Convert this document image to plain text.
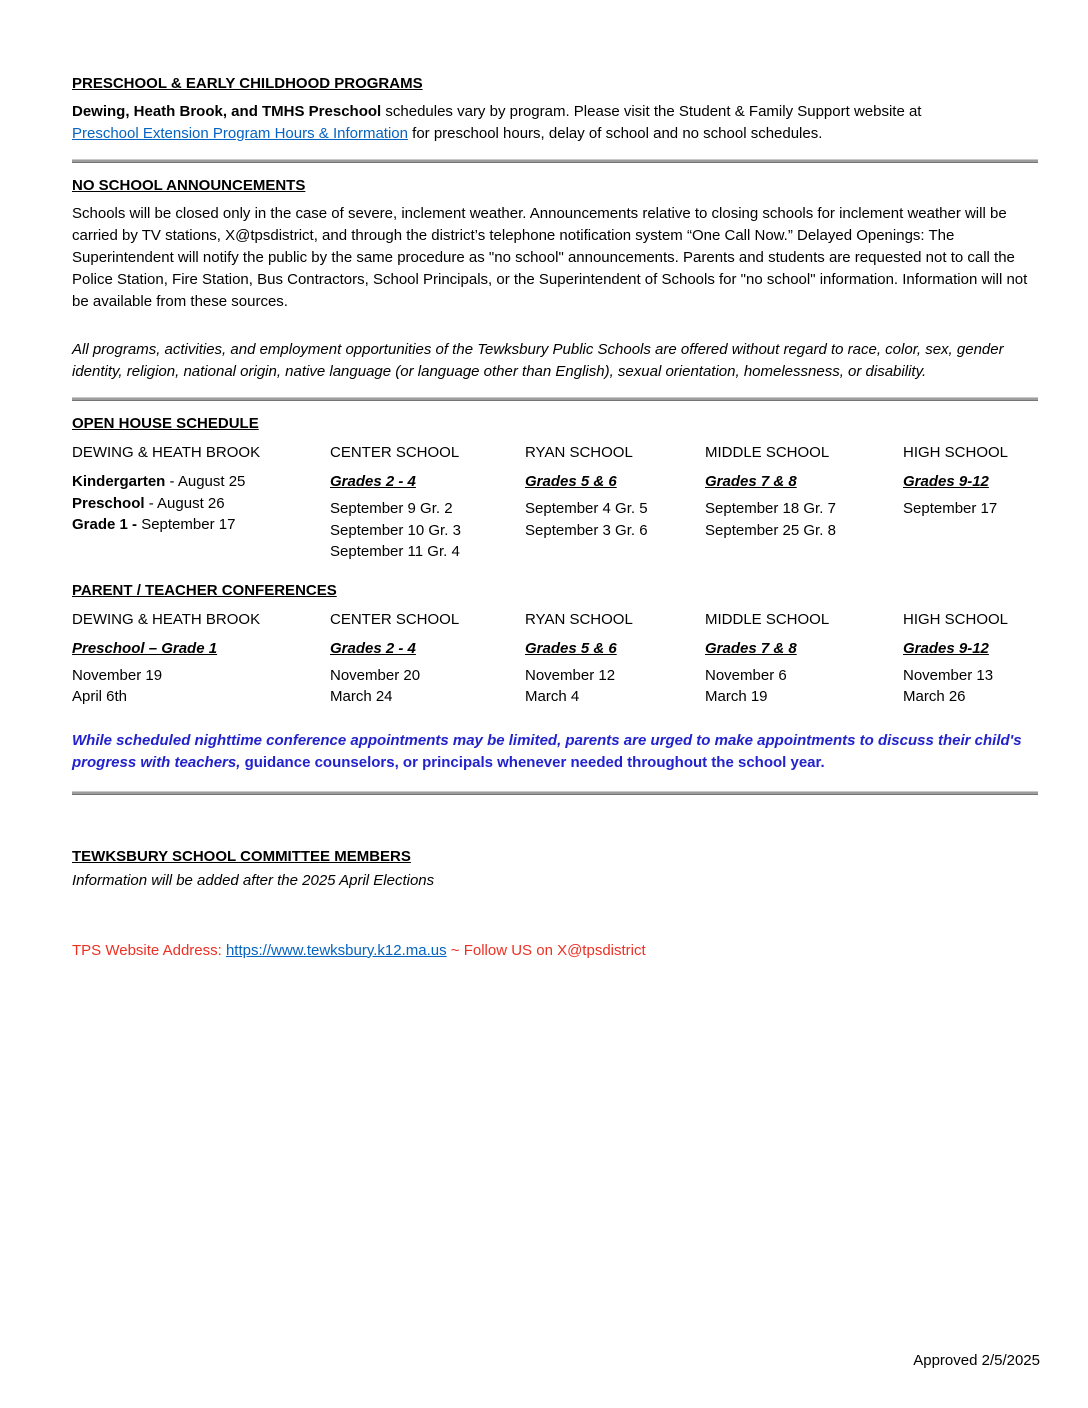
PRESCHOOL & EARLY CHILDHOOD PROGRAMS
Dewing, Heath Brook, and TMHS Preschool schedules vary by program. Please visit the Student & Family Support website at
Preschool Extension Program Hours & Information for preschool hours, delay of school and no school schedules.
NO SCHOOL ANNOUNCEMENTS
Schools will be closed only in the case of severe, inclement weather. Announcements relative to closing schools for inclement weather will be carried by TV stations, X@tpsdistrict, and through the district’s telephone notification system “One Call Now.” Delayed Openings: The Superintendent will notify the public by the same procedure as "no school" announcements. Parents and students are requested not to call the Police Station, Fire Station, Bus Contractors, School Principals, or the Superintendent of Schools for "no school" information. Information will not be available from these sources.
All programs, activities, and employment opportunities of the Tewksbury Public Schools are offered without regard to race, color, sex, gender identity, religion, national origin, native language (or language other than English), sexual orientation, homelessness, or disability.
OPEN HOUSE SCHEDULE
DEWING & HEATH BROOK
Kindergarten - August 25
Preschool - August 26
Grade 1 - September 17
CENTER SCHOOL
Grades 2 - 4
September 9 Gr. 2
September 10 Gr. 3
September 11 Gr. 4
RYAN SCHOOL
Grades 5 & 6
September 4 Gr. 5
September 3 Gr. 6
MIDDLE SCHOOL
Grades 7 & 8
September 18 Gr. 7
September 25 Gr. 8
HIGH SCHOOL
Grades 9-12
September 17
PARENT / TEACHER CONFERENCES
DEWING & HEATH BROOK
Preschool – Grade 1
November 19
April 6th
CENTER SCHOOL
Grades 2 - 4
November 20
March 24
RYAN SCHOOL
Grades 5 & 6
November 12
March 4
MIDDLE SCHOOL
Grades 7 & 8
November 6
March 19
HIGH SCHOOL
Grades 9-12
November 13
March 26
While scheduled nighttime conference appointments may be limited, parents are urged to make appointments to discuss their child's progress with teachers, guidance counselors, or principals whenever needed throughout the school year.
TEWKSBURY SCHOOL COMMITTEE MEMBERS
Information will be added after the 2025 April Elections
TPS Website Address: https://www.tewksbury.k12.ma.us ~ Follow US on X@tpsdistrict
Approved 2/5/2025
